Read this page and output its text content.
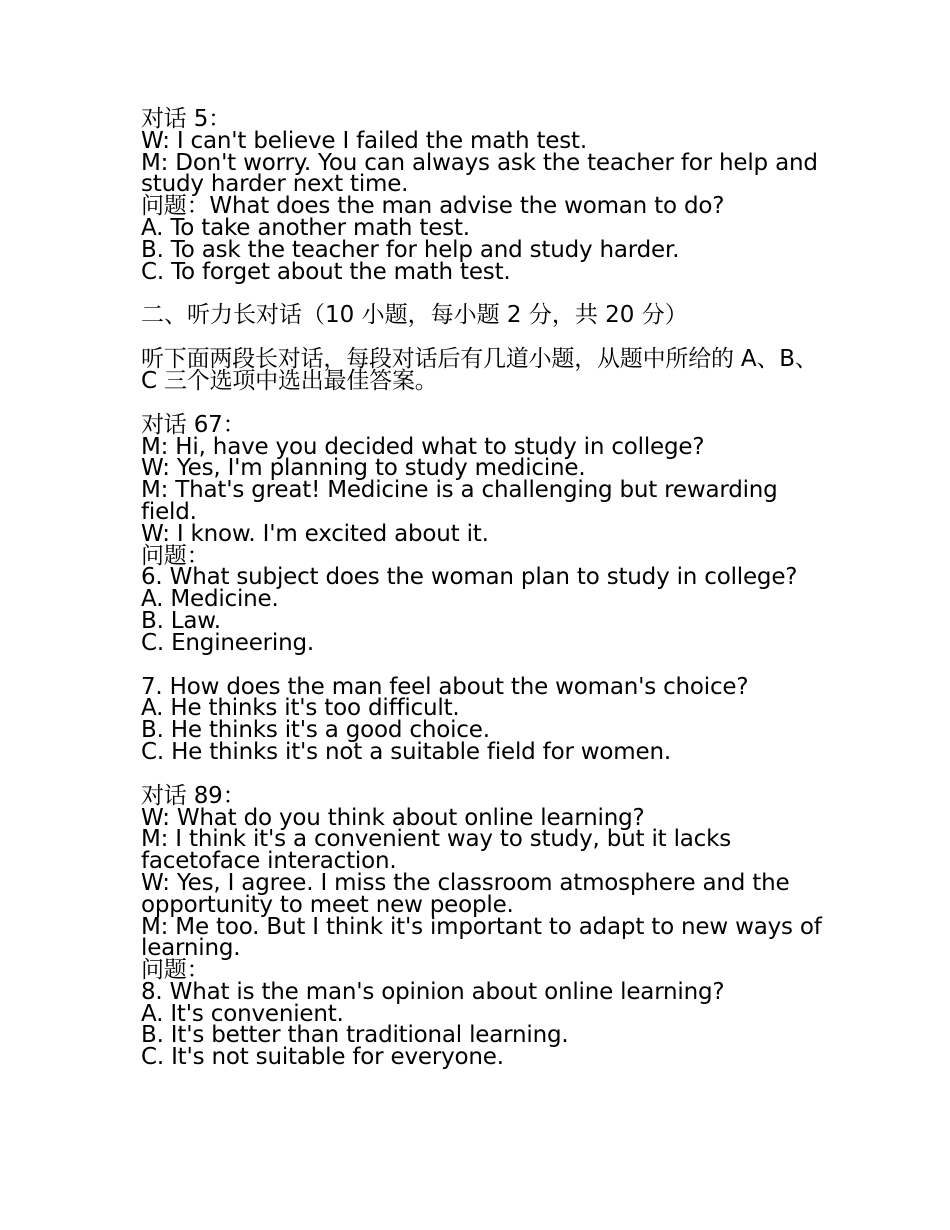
对话 5：
W: I can't believe I failed the math test.
M: Don't worry. You can always ask the teacher for help and study harder next time.
问题：What does the man advise the woman to do?
A. To take another math test.
B. To ask the teacher for help and study harder.
C. To forget about the math test.
二、听力长对话（10 小题，每小题 2 分，共 20 分）
听下面两段长对话，每段对话后有几道小题，从题中所给的 A、B、C 三个选项中选出最佳答案。
对话 67：
M: Hi, have you decided what to study in college?
W: Yes, I'm planning to study medicine.
M: That's great! Medicine is a challenging but rewarding field.
W: I know. I'm excited about it.
问题：
6. What subject does the woman plan to study in college?
A. Medicine.
B. Law.
C. Engineering.
7. How does the man feel about the woman's choice?
A. He thinks it's too difficult.
B. He thinks it's a good choice.
C. He thinks it's not a suitable field for women.
对话 89：
W: What do you think about online learning?
M: I think it's a convenient way to study, but it lacks facetoface interaction.
W: Yes, I agree. I miss the classroom atmosphere and the opportunity to meet new people.
M: Me too. But I think it's important to adapt to new ways of learning.
问题：
8. What is the man's opinion about online learning?
A. It's convenient.
B. It's better than traditional learning.
C. It's not suitable for everyone.
